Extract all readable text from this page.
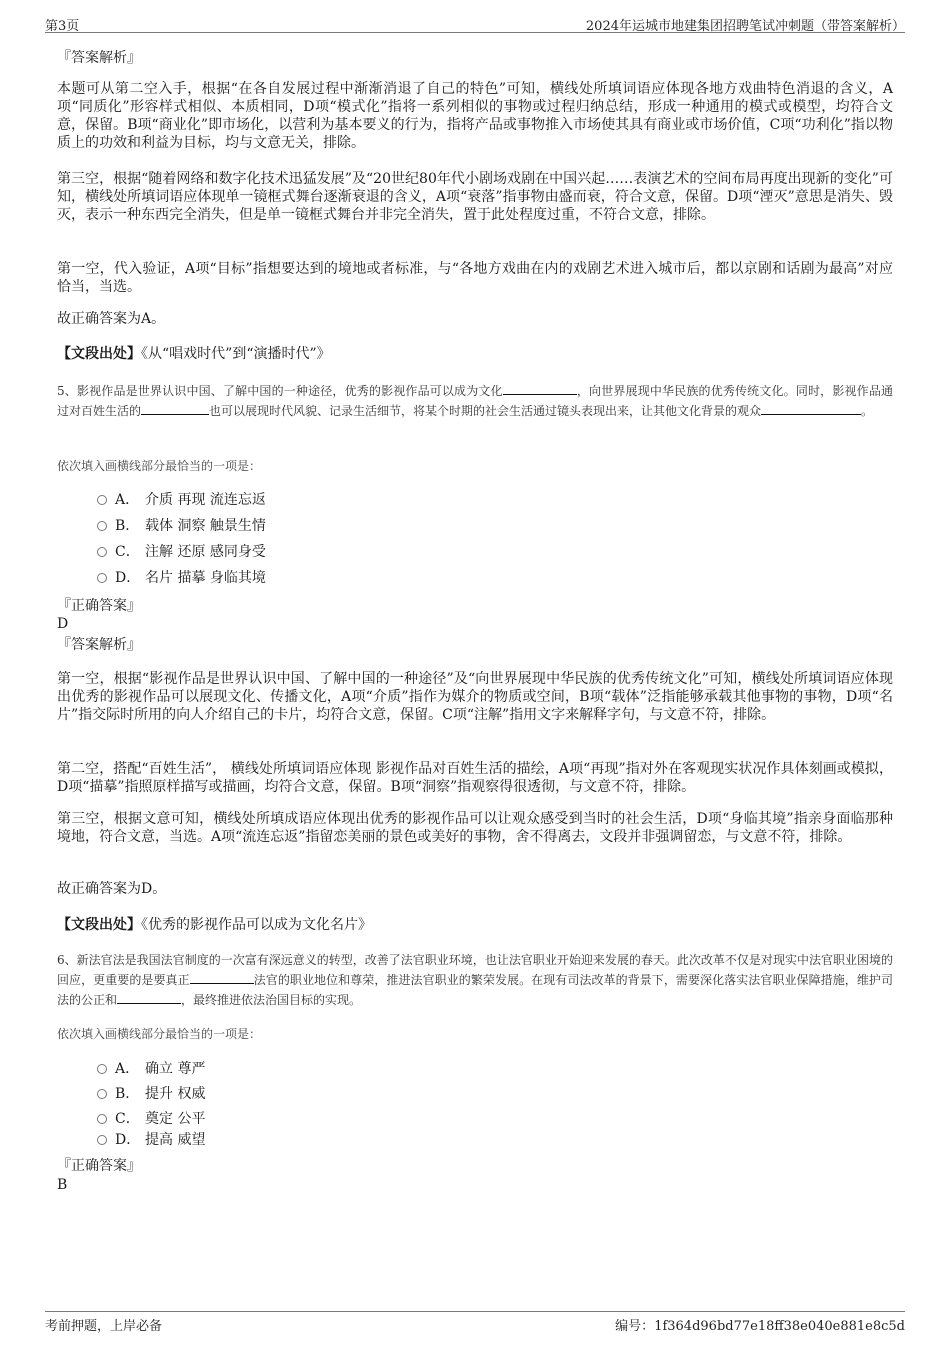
第3页	2024年运城市地建集团招聘笔试冲刺题（带答案解析）
『答案解析』

本题可从第二空入手，根据“在各自发展过程中渐渐消退了自己的特色”可知，横线处所填词语应体现各地方戏曲特色消退的含义，A项“同质化”形容样式相似、本质相同，D项“模式化”指将一系列相似的事物或过程归纳总结，形成一种通用的模式或模型，均符合文意，保留。B项“商业化”即市场化，以营利为基本要义的行为，指将产品或事物推入市场使其具有商业或市场价值，C项“功利化”指以物质上的功效和利益为目标，均与文意无关，排除。

第三空，根据“随着网络和数字化技术迅猛发展”及“20世纪80年代小剧场戏剧在中国兴起……表演艺术的空间布局再度出现新的变化”可知，横线处所填词语应体现单一镜框式舞台逐渐衰退的含义，A项“衰落”指事物由盛而衰，符合文意，保留。D项“湮灭”意思是消失、毁灭，表示一种东西完全消失，但是单一镜框式舞台并非完全消失，置于此处程度过重，不符合文意，排除。

第一空，代入验证，A项“目标”指想要达到的境地或者标准，与“各地方戏曲在内的戏剧艺术进入城市后，都以京剧和话剧为最高”对应恰当，当选。

故正确答案为A。

【文段出处】《从“唱戏时代”到“演播时代”》

5、影视作品是世界认识中国、了解中国的一种途径，优秀的影视作品可以成为文化	，向世界展现中华民族的优秀传统文化。同时，影视作品通过对百姓生活的	也可以展现时代风貌、记录生活细节，将某个时期的社会生活通过镜头表现出来，让其他文化背景的观众	。

依次填入画横线部分最恰当的一项是：
A． 介质 再现 流连忘返
B． 载体 洞察 触景生情
C． 注解 还原 感同身受
D． 名片 描摹 身临其境
『正确答案』
D
『答案解析』

第一空，根据“影视作品是世界认识中国、了解中国的一种途径”及“向世界展现中华民族的优秀传统文化”可知，横线处所填词语应体现出优秀的影视作品可以展现文化、传播文化，A项“介质”指作为媒介的物质或空间，B项“载体”泛指能够承载其他事物的事物，D项“名片”指交际时所用的向人介绍自己的卡片，均符合文意，保留。C项“注解”指用文字来解释字句，与文意不符，排除。

第二空，搭配“百姓生活”， 横线处所填词语应体现 影视作品对百姓生活的描绘，A项“再现”指对外在客观现实状况作具体刻画或模拟，D项“描摹”指照原样描写或描画，均符合文意，保留。B项“洞察”指观察得很透彻，与文意不符，排除。

第三空，根据文意可知，横线处所填成语应体现出优秀的影视作品可以让观众感受到当时的社会生活，D项“身临其境”指亲身面临那种境地，符合文意，当选。A项“流连忘返”指留恋美丽的景色或美好的事物，舍不得离去，文段并非强调留恋，与文意不符，排除。

故正确答案为D。

【文段出处】《优秀的影视作品可以成为文化名片》

6、新法官法是我国法官制度的一次富有深远意义的转型，改善了法官职业环境，也让法官职业开始迎来发展的春天。此次改革不仅是对现实中法官职业困境的回应，更重要的是要真正	法官的职业地位和尊荣，推进法官职业的繁荣发展。在现有司法改革的背景下，需要深化落实法官职业保障措施，维护司法的公正和	，最终推进依法治国目标的实现。

依次填入画横线部分最恰当的一项是：
A． 确立 尊严
B． 提升 权威
C． 奠定 公平
D． 提高 威望
『正确答案』
B
考前押题，上岸必备	编号：1f364d96bd77e18ff38e040e881e8c5d
